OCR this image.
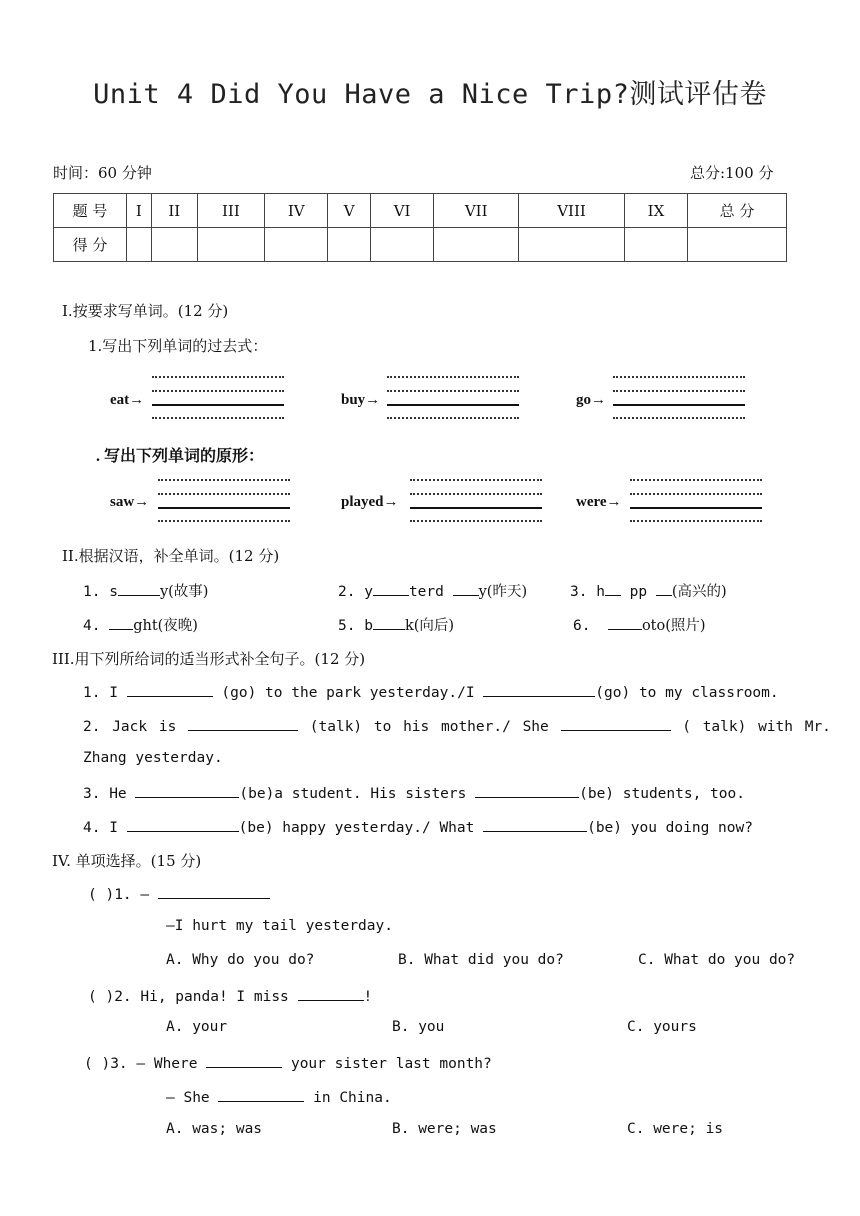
Unit 4 Did You Have a Nice Trip?测试评估卷
时间：60 分钟	总分:100 分
题 号	I	II	III	IV	V	VI	VII	VIII	IX	总 分
得 分										
Ⅰ.按要求写单词。(12 分)
1.写出下列单词的过去式：
eat→	buy→	go→
. 写出下列单词的原形：
saw→	played→	were→
II.根据汉语，补全单词。(12 分)
1. s	y(故事)	2. y terd y(昨天)	3. h pp (高兴的)
4. ght(夜晚)	5. b k(向后)	6.	oto(照片)
III.用下列所给词的适当形式补全句子。(12 分)
1. I	(go) to the park yesterday./I	(go) to my classroom.
2. Jack is	(talk) to his mother./ She	( talk) with Mr.
Zhang yesterday.
3. He	(be)a student. His sisters	(be) students, too.
4. I	(be) happy yesterday./ What	(be) you doing now?
IV. 单项选择。(15 分)
( )1. —
—I hurt my tail yesterday.
A. Why do you do?	B. What did you do?	C. What do you do?
( )2. Hi, panda! I miss	!
A. your	B. you	C. yours
( )3. — Where	your sister last month?
— She	in China.
A. was; was	B. were; was	C. were; is
